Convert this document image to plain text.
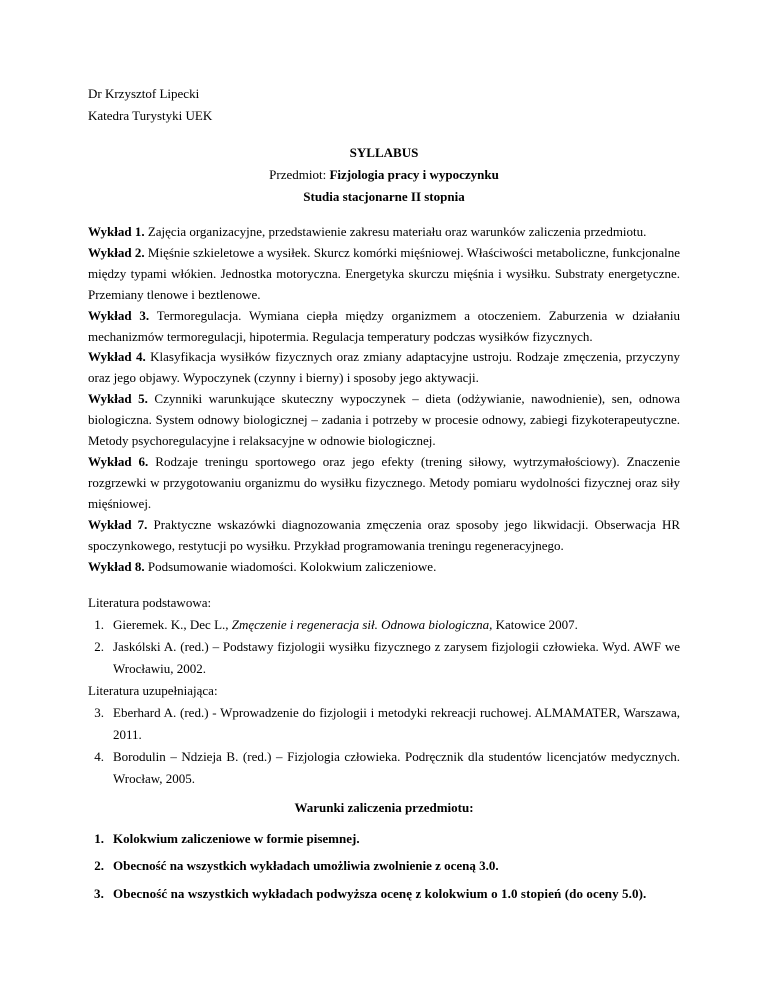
Dr Krzysztof Lipecki
Katedra Turystyki UEK
SYLLABUS
Przedmiot: Fizjologia pracy i wypoczynku
Studia stacjonarne II stopnia

Wykład 1. Zajęcia organizacyjne, przedstawienie zakresu materiału oraz warunków zaliczenia przedmiotu.

Wykład 2. Mięśnie szkieletowe a wysiłek. Skurcz komórki mięśniowej. Właściwości metaboliczne, funkcjonalne między typami włókien. Jednostka motoryczna. Energetyka skurczu mięśnia i wysiłku. Substraty energetyczne. Przemiany tlenowe i beztlenowe.

Wykład 3. Termoregulacja. Wymiana ciepła między organizmem a otoczeniem. Zaburzenia w działaniu mechanizmów termoregulacji, hipotermia. Regulacja temperatury podczas wysiłków fizycznych.

Wykład 4. Klasyfikacja wysiłków fizycznych oraz zmiany adaptacyjne ustroju. Rodzaje zmęczenia, przyczyny oraz jego objawy. Wypoczynek (czynny i bierny) i sposoby jego aktywacji.

Wykład 5. Czynniki warunkujące skuteczny wypoczynek – dieta (odżywianie, nawodnienie), sen, odnowa biologiczna. System odnowy biologicznej – zadania i potrzeby w procesie odnowy, zabiegi fizykoterapeutyczne. Metody psychoregulacyjne i relaksacyjne w odnowie biologicznej.

Wykład 6. Rodzaje treningu sportowego oraz jego efekty (trening siłowy, wytrzymałościowy). Znaczenie rozgrzewki w przygotowaniu organizmu do wysiłku fizycznego. Metody pomiaru wydolności fizycznej oraz siły mięśniowej.

Wykład 7. Praktyczne wskazówki diagnozowania zmęczenia oraz sposoby jego likwidacji. Obserwacja HR spoczynkowego, restytucji po wysiłku. Przykład programowania treningu regeneracyjnego.

Wykład 8. Podsumowanie wiadomości. Kolokwium zaliczeniowe.

Literatura podstawowa:

1. Gieremek. K., Dec L., Zmęczenie i regeneracja sił. Odnowa biologiczna, Katowice 2007.
2. Jaskólski A. (red.) – Podstawy fizjologii wysiłku fizycznego z zarysem fizjologii człowieka. Wyd. AWF we Wrocławiu, 2002.

Literatura uzupełniająca:

3. Eberhard A. (red.) - Wprowadzenie do fizjologii i metodyki rekreacji ruchowej. ALMAMATER, Warszawa, 2011.
4. Borodulin – Ndzieja B. (red.) – Fizjologia człowieka. Podręcznik dla studentów licencjatów medycznych. Wrocław, 2005.
Warunki zaliczenia przedmiotu:
1. Kolokwium zaliczeniowe w formie pisemnej.
2. Obecność na wszystkich wykładach umożliwia zwolnienie z oceną 3.0.
3. Obecność na wszystkich wykładach podwyższa ocenę z kolokwium o 1.0 stopień (do oceny 5.0).
